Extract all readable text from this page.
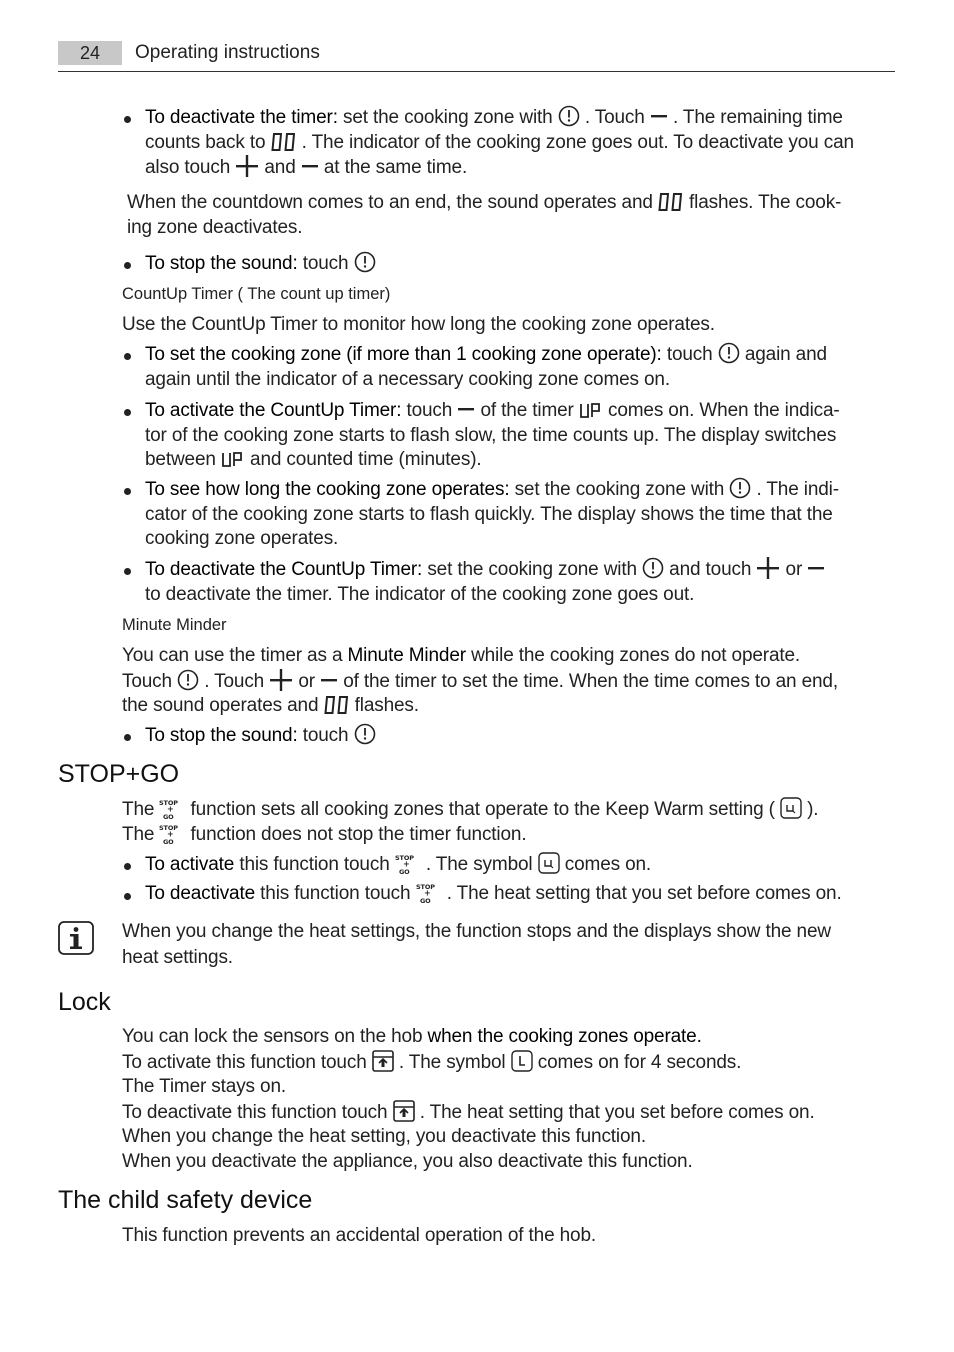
24	Operating instructions
To deactivate the timer: set the cooking zone with  . Touch  . The remaining time
counts back to  . The indicator of the cooking zone goes out. To deactivate you can
also touch  and  at the same time.
When the countdown comes to an end, the sound operates and  flashes. The cook-
ing zone deactivates.
To stop the sound: touch
CountUp Timer ( The count up timer)
Use the CountUp Timer to monitor how long the cooking zone operates.
To set the cooking zone (if more than 1 cooking zone operate): touch  again and
again until the indicator of a necessary cooking zone comes on.
To activate the CountUp Timer: touch  of the timer  comes on. When the indica-
tor of the cooking zone starts to flash slow, the time counts up. The display switches
between  and counted time (minutes).
To see how long the cooking zone operates: set the cooking zone with  . The indi-
cator of the cooking zone starts to flash quickly. The display shows the time that the
cooking zone operates.
To deactivate the CountUp Timer: set the cooking zone with  and touch  or
to deactivate the timer. The indicator of the cooking zone goes out.
Minute Minder
You can use the timer as a Minute Minder while the cooking zones do not operate.
Touch  . Touch  or  of the timer to set the time. When the time comes to an end,
the sound operates and  flashes.
To stop the sound: touch
STOP+GO
The  function sets all cooking zones that operate to the Keep Warm setting (  ).
The  function does not stop the timer function.
To activate this function touch  . The symbol  comes on.
To deactivate this function touch  . The heat setting that you set before comes on.
When you change the heat settings, the function stops and the displays show the new
heat settings.
Lock
You can lock the sensors on the hob when the cooking zones operate.
To activate this function touch  . The symbol  comes on for 4 seconds.
The Timer stays on.
To deactivate this function touch  . The heat setting that you set before comes on.
When you change the heat setting, you deactivate this function.
When you deactivate the appliance, you also deactivate this function.
The child safety device
This function prevents an accidental operation of the hob.
